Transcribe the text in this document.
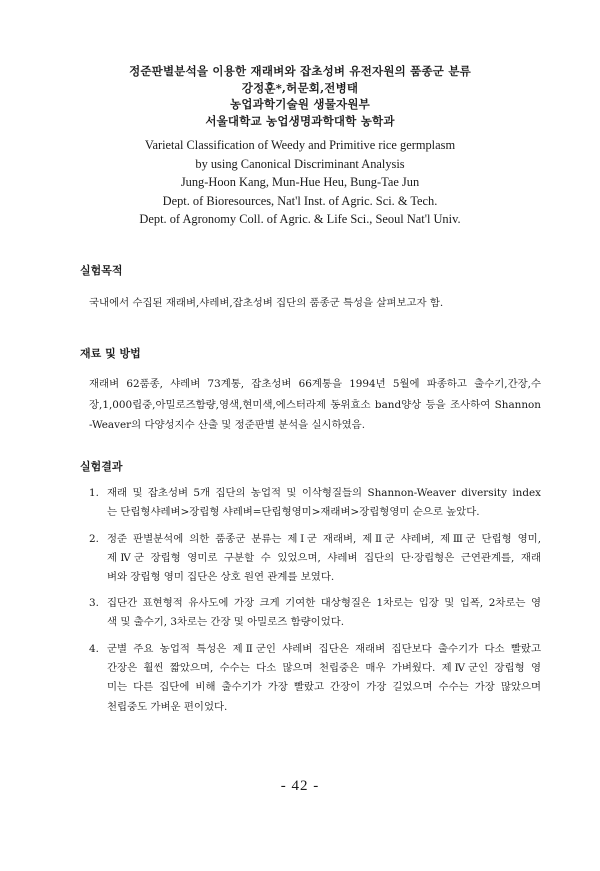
정준판별분석을 이용한 재래벼와 잡초성벼 유전자원의 품종군 분류
강정훈*,허문회,전병태
농업과학기술원 생물자원부
서울대학교 농업생명과학대학 농학과
Varietal Classification of Weedy and Primitive rice germplasm
by using Canonical Discriminant Analysis
Jung-Hoon Kang, Mun-Hue Heu, Bung-Tae Jun
Dept. of Bioresources, Nat'l Inst. of Agric. Sci. & Tech.
Dept. of Agronomy Coll. of Agric. & Life Sci., Seoul Nat'l Univ.
실험목적
국내에서 수집된 재래벼,샤레벼,잡초성벼 집단의 품종군 특성을 살펴보고자 함.
재료 및 방법
재래벼 62품종, 샤레벼 73계통, 잡초성벼 66계통을 1994년 5월에 파종하고 출수기,간장,수
장,1,000립중,아밀로즈함량,영색,현미색,에스터라제 동위효소 band양상 등을 조사하여 Shannon
-Weaver의 다양성지수 산출 및 정준판별 분석을 실시하였음.
실험결과
1. 재래 및 잡초성벼 5개 집단의 농업적 및 이삭형질들의 Shannon-Weaver diversity index
는 단립형샤레벼>장립형 샤레벼=단립형영미>재래벼>장립형영미 순으로 높았다.
2. 정준 판별분석에 의한 품종군 분류는 제Ⅰ군 재래벼, 제Ⅱ군 샤레벼, 제Ⅲ군 단립형 영미,
제Ⅳ군 장립형 영미로 구분할 수 있었으며, 샤레벼 집단의 단·장립형은 근연관계를, 재래
벼와 장립형 영미 집단은 상호 원연 관계를 보였다.
3. 집단간 표현형적 유사도에 가장 크게 기여한 대상형질은 1차로는 입장 및 입폭, 2차로는 영
색 및 출수기, 3차로는 간장 및 아밀로즈 함량이었다.
4. 군별 주요 농업적 특성은 제Ⅱ군인 샤레벼 집단은 재래벼 집단보다 출수기가 다소 빨랐고
간장은 훨씬 짧았으며, 수수는 다소 많으며 천립중은 매우 가벼웠다. 제Ⅳ군인 장립형 영
미는 다른 집단에 비해 출수기가 가장 빨랐고 간장이 가장 길었으며 수수는 가장 많았으며
천립중도 가벼운 편이었다.
- 42 -
